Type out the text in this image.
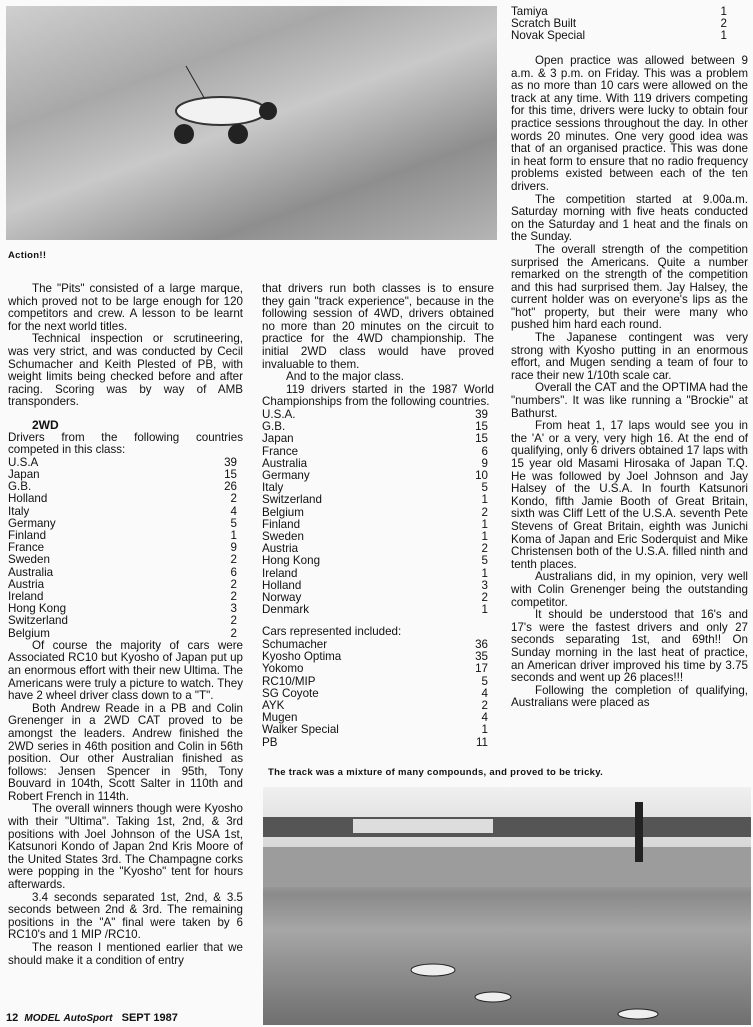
Action!!
The track was a mixture of many compounds, and proved to be tricky.
Tamiya	1
Scratch Built	2
Novak Special	1

The "Pits" consisted of a large marque, which proved not to be large enough for 120 competitors and crew. A lesson to be learnt for the next world titles.

Technical inspection or scrutineering, was very strict, and was conducted by Cecil Schumacher and Keith Plested of PB, with weight limits being checked before and after racing. Scoring was by way of AMB transponders.

2WD
Drivers from the following countries competed in this class:
U.S.A	39
Japan	15
G.B.	26
Holland	2
Italy	4
Germany	5
Finland	1
France	9
Sweden	2
Australia	6
Austria	2
Ireland	2
Hong Kong	3
Switzerland	2
Belgium	2

Of course the majority of cars were Associated RC10 but Kyosho of Japan put up an enormous effort with their new Ultima. The Americans were truly a picture to watch. They have 2 wheel driver class down to a "T".

Both Andrew Reade in a PB and Colin Grenenger in a 2WD CAT proved to be amongst the leaders. Andrew finished the 2WD series in 46th position and Colin in 56th position. Our other Australian finished as follows: Jensen Spencer in 95th, Tony Bouvard in 104th, Scott Salter in 110th and Robert French in 114th.

The overall winners though were Kyosho with their "Ultima". Taking 1st, 2nd, & 3rd positions with Joel Johnson of the USA 1st, Katsunori Kondo of Japan 2nd Kris Moore of the United States 3rd. The Champagne corks were popping in the "Kyosho" tent for hours afterwards.

3.4 seconds separated 1st, 2nd, & 3.5 seconds between 2nd & 3rd. The remaining positions in the "A" final were taken by 6 RC10's and 1 MIP /RC10.

The reason I mentioned earlier that we should make it a condition of entry

that drivers run both classes is to ensure they gain "track experience", because in the following session of 4WD, drivers obtained no more than 20 minutes on the circuit to practice for the 4WD championship. The initial 2WD class would have proved invaluable to them.

And to the major class.

119 drivers started in the 1987 World Championships from the following countries.

U.S.A.	39
G.B.	15
Japan	15
France	6
Australia	9
Germany	10
Italy	5
Switzerland	1
Belgium	2
Finland	1
Sweden	1
Austria	2
Hong Kong	5
Ireland	1
Holland	3
Norway	2
Denmark	1
Cars represented included:
Schumacher	36
Kyosho Optima	35
Yokomo	17
RC10/MIP	5
SG Coyote	4
AYK	2
Mugen	4
Walker Special	1
PB	11

Open practice was allowed between 9 a.m. & 3 p.m. on Friday. This was a problem as no more than 10 cars were allowed on the track at any time. With 119 drivers competing for this time, drivers were lucky to obtain four practice sessions throughout the day. In other words 20 minutes. One very good idea was that of an organised practice. This was done in heat form to ensure that no radio frequency problems existed between each of the ten drivers.

The competition started at 9.00a.m. Saturday morning with five heats conducted on the Saturday and 1 heat and the finals on the Sunday.

The overall strength of the competition surprised the Americans. Quite a number remarked on the strength of the competition and this had surprised them. Jay Halsey, the current holder was on everyone's lips as the "hot" property, but their were many who pushed him hard each round.

The Japanese contingent was very strong with Kyosho putting in an enormous effort, and Mugen sending a team of four to race their new 1/10th scale car.

Overall the CAT and the OPTIMA had the "numbers". It was like running a "Brockie" at Bathurst.

From heat 1, 17 laps would see you in the 'A' or a very, very high 16. At the end of qualifying, only 6 drivers obtained 17 laps with 15 year old Masami Hirosaka of Japan T.Q. He was followed by Joel Johnson and Jay Halsey of the U.S.A. In fourth Katsunori Kondo, fifth Jamie Booth of Great Britain, sixth was Cliff Lett of the U.S.A. seventh Pete Stevens of Great Britain, eighth was Junichi Koma of Japan and Eric Soderquist and Mike Christensen both of the U.S.A. filled ninth and tenth places.

Australians did, in my opinion, very well with Colin Grenenger being the outstanding competitor.

It should be understood that 16's and 17's were the fastest drivers and only 27 seconds separating 1st, and 69th!! On Sunday morning in the last heat of practice, an American driver improved his time by 3.75 seconds and went up 26 places!!!

Following the completion of qualifying, Australians were placed as

12 MODEL AutoSport SEPT 1987
